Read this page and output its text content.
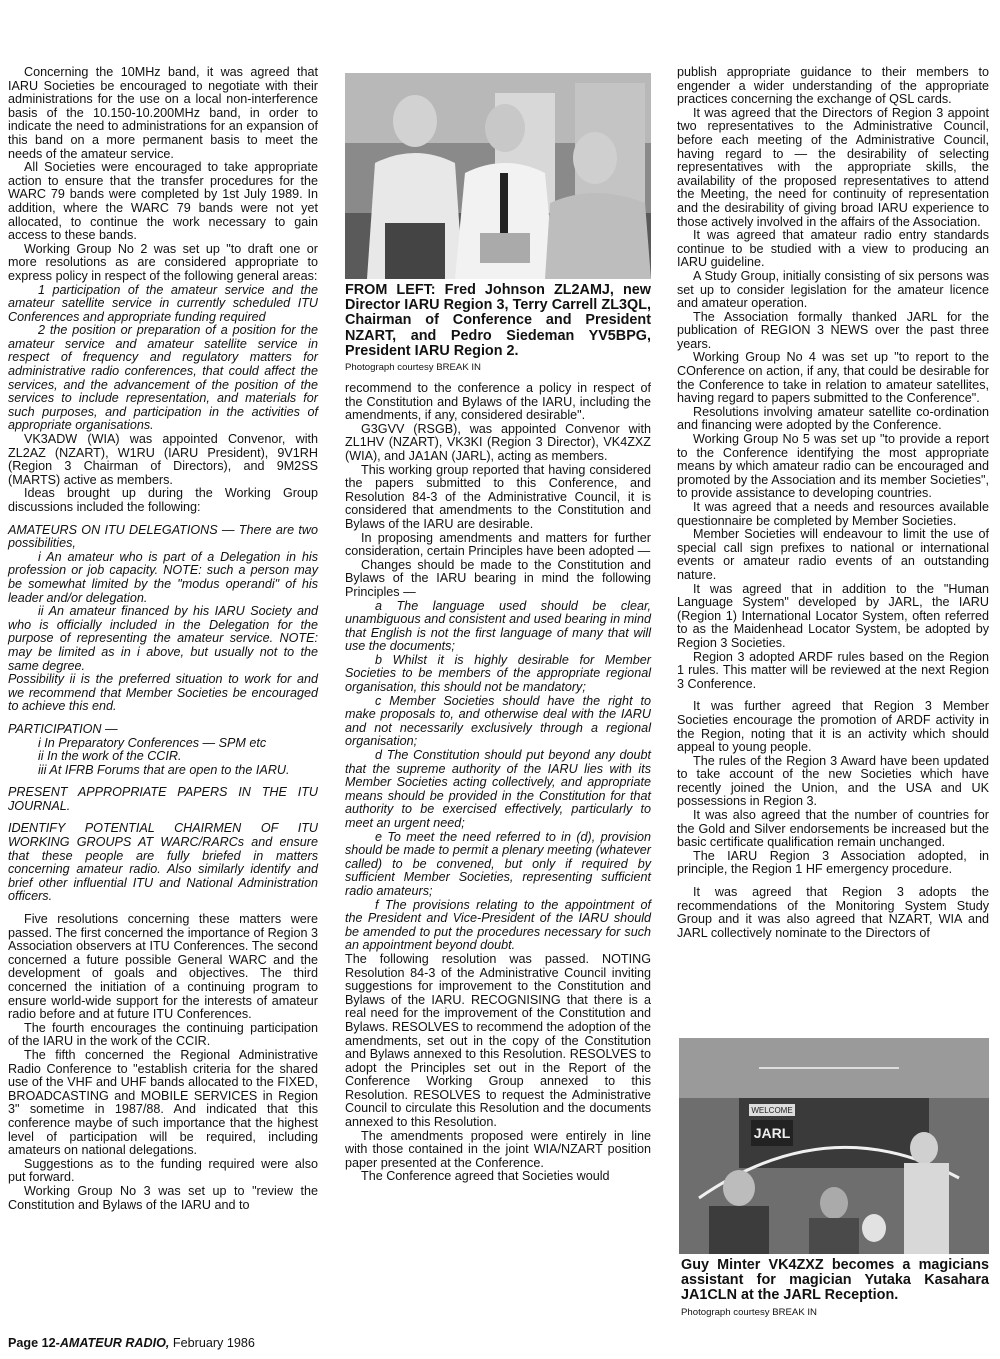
Concerning the 10MHz band, it was agreed that IARU Societies be encouraged to negotiate with their administrations for the use on a local non-interference basis of the 10.150-10.200MHz band, in order to indicate the need to administrations for an expansion of this band on a more permanent basis to meet the needs of the amateur service.

All Societies were encouraged to take appropriate action to ensure that the transfer procedures for the WARC 79 bands were completed by 1st July 1989. In addition, where the WARC 79 bands were not yet allocated, to continue the work necessary to gain access to these bands.

Working Group No 2 was set up "to draft one or more resolutions as are considered appropriate to express policy in respect of the following general areas:

1 participation of the amateur service and the amateur satellite service in currently scheduled ITU Conferences and appropriate funding required

2 the position or preparation of a position for the amateur service and amateur satellite service in respect of frequency and regulatory matters for administrative radio conferences, that could affect the services, and the advancement of the position of the services to include representation, and materials for such purposes, and participation in the activities of appropriate organisations.

VK3ADW (WIA) was appointed Convenor, with ZL2AZ (NZART), W1RU (IARU President), 9V1RH (Region 3 Chairman of Directors), and 9M2SS (MARTS) active as members.

Ideas brought up during the Working Group discussions included the following:

AMATEURS ON ITU DELEGATIONS — There are two possibilities,

i An amateur who is part of a Delegation in his profession or job capacity. NOTE: such a person may be somewhat limited by the "modus operandi" of his leader and/or delegation.

ii An amateur financed by his IARU Society and who is officially included in the Delegation for the purpose of representing the amateur service. NOTE: may be limited as in i above, but usually not to the same degree.

Possibility ii is the preferred situation to work for and we recommend that Member Societies be encouraged to achieve this end.

PARTICIPATION —

i In Preparatory Conferences — SPM etc

ii In the work of the CCIR.

iii At IFRB Forums that are open to the IARU.

PRESENT APPROPRIATE PAPERS IN THE ITU JOURNAL.

IDENTIFY POTENTIAL CHAIRMEN OF ITU WORKING GROUPS AT WARC/RARCs and ensure that these people are fully briefed in matters concerning amateur radio. Also similarly identify and brief other influential ITU and National Administration officers.

Five resolutions concerning these matters were passed. The first concerned the importance of Region 3 Association observers at ITU Conferences. The second concerned a future possible General WARC and the development of goals and objectives. The third concerned the initiation of a continuing program to ensure world-wide support for the interests of amateur radio before and at future ITU Conferences.

The fourth encourages the continuing participation of the IARU in the work of the CCIR.

The fifth concerned the Regional Administrative Radio Conference to "establish criteria for the shared use of the VHF and UHF bands allocated to the FIXED, BROADCASTING and MOBILE SERVICES in Region 3" sometime in 1987/88. And indicated that this conference maybe of such importance that the highest level of participation will be required, including amateurs on national delegations.

Suggestions as to the funding required were also put forward.

Working Group No 3 was set up to "review the Constitution and Bylaws of the IARU and to

FROM LEFT: Fred Johnson ZL2AMJ, new Director IARU Region 3, Terry Carrell ZL3QL, Chairman of Conference and President NZART, and Pedro Siedeman YV5BPG, President IARU Region 2.
Photograph courtesy BREAK IN

recommend to the conference a policy in respect of the Constitution and Bylaws of the IARU, including the amendments, if any, considered desirable".

G3GVV (RSGB), was appointed Convenor with ZL1HV (NZART), VK3KI (Region 3 Director), VK4ZXZ (WIA), and JA1AN (JARL), acting as members.

This working group reported that having considered the papers submitted to this Conference, and Resolution 84-3 of the Administrative Council, it is considered that amendments to the Constitution and Bylaws of the IARU are desirable.

In proposing amendments and matters for further consideration, certain Principles have been adopted —

Changes should be made to the Constitution and Bylaws of the IARU bearing in mind the following Principles —

a The language used should be clear, unambiguous and consistent and used bearing in mind that English is not the first language of many that will use the documents;

b Whilst it is highly desirable for Member Societies to be members of the appropriate regional organisation, this should not be mandatory;

c Member Societies should have the right to make proposals to, and otherwise deal with the IARU and not necessarily exclusively through a regional organisation;

d The Constitution should put beyond any doubt that the supreme authority of the IARU lies with its Member Societies acting collectively, and appropriate means should be provided in the Constitution for that authority to be exercised effectively, particularly to meet an urgent need;

e To meet the need referred to in (d), provision should be made to permit a plenary meeting (whatever called) to be convened, but only if required by sufficient Member Societies, representing sufficient radio amateurs;

f The provisions relating to the appointment of the President and Vice-President of the IARU should be amended to put the procedures necessary for such an appointment beyond doubt.

The following resolution was passed. NOTING Resolution 84-3 of the Administrative Council inviting suggestions for improvement to the Constitution and Bylaws of the IARU. RECOGNISING that there is a real need for the improvement of the Constitution and Bylaws. RESOLVES to recommend the adoption of the amendments, set out in the copy of the Constitution and Bylaws annexed to this Resolution. RESOLVES to adopt the Principles set out in the Report of the Conference Working Group annexed to this Resolution. RESOLVES to request the Administrative Council to circulate this Resolution and the documents annexed to this Resolution.

The amendments proposed were entirely in line with those contained in the joint WIA/NZART position paper presented at the Conference.

The Conference agreed that Societies would

publish appropriate guidance to their members to engender a wider understanding of the appropriate practices concerning the exchange of QSL cards.

It was agreed that the Directors of Region 3 appoint two representatives to the Administrative Council, before each meeting of the Administrative Council, having regard to — the desirability of selecting representatives with the appropriate skills, the availability of the proposed representatives to attend the Meeting, the need for continuity of representation and the desirability of giving broad IARU experience to those actively involved in the affairs of the Association.

It was agreed that amateur radio entry standards continue to be studied with a view to producing an IARU guideline.

A Study Group, initially consisting of six persons was set up to consider legislation for the amateur licence and amateur operation.

The Association formally thanked JARL for the publication of REGION 3 NEWS over the past three years.

Working Group No 4 was set up "to report to the COnference on action, if any, that could be desirable for the Conference to take in relation to amateur satellites, having regard to papers submitted to the Conference".

Resolutions involving amateur satellite co-ordination and financing were adopted by the Conference.

Working Group No 5 was set up "to provide a report to the Conference identifying the most appropriate means by which amateur radio can be encouraged and promoted by the Association and its member Societies", to provide assistance to developing countries.

It was agreed that a needs and resources available questionnaire be completed by Member Societies.

Member Societies will endeavour to limit the use of special call sign prefixes to national or international events or amateur radio events of an outstanding nature.

It was agreed that in addition to the "Human Language System" developed by JARL, the IARU (Region 1) International Locator System, often referred to as the Maidenhead Locator System, be adopted by Region 3 Societies.

Region 3 adopted ARDF rules based on the Region 1 rules. This matter will be reviewed at the next Region 3 Conference.

It was further agreed that Region 3 Member Societies encourage the promotion of ARDF activity in the Region, noting that it is an activity which should appeal to young people.

The rules of the Region 3 Award have been updated to take account of the new Societies which have recently joined the Union, and the USA and UK possessions in Region 3.

It was also agreed that the number of countries for the Gold and Silver endorsements be increased but the basic certificate qualification remain unchanged.

The IARU Region 3 Association adopted, in principle, the Region 1 HF emergency procedure.

It was agreed that Region 3 adopts the recommendations of the Monitoring System Study Group and it was also agreed that NZART, WIA and JARL collectively nominate to the Directors of

WELCOME
JARL
Guy Minter VK4ZXZ becomes a magicians assistant for magician Yutaka Kasahara JA1CLN at the JARL Reception.
Photograph courtesy BREAK IN
Page 12-AMATEUR RADIO, February 1986
